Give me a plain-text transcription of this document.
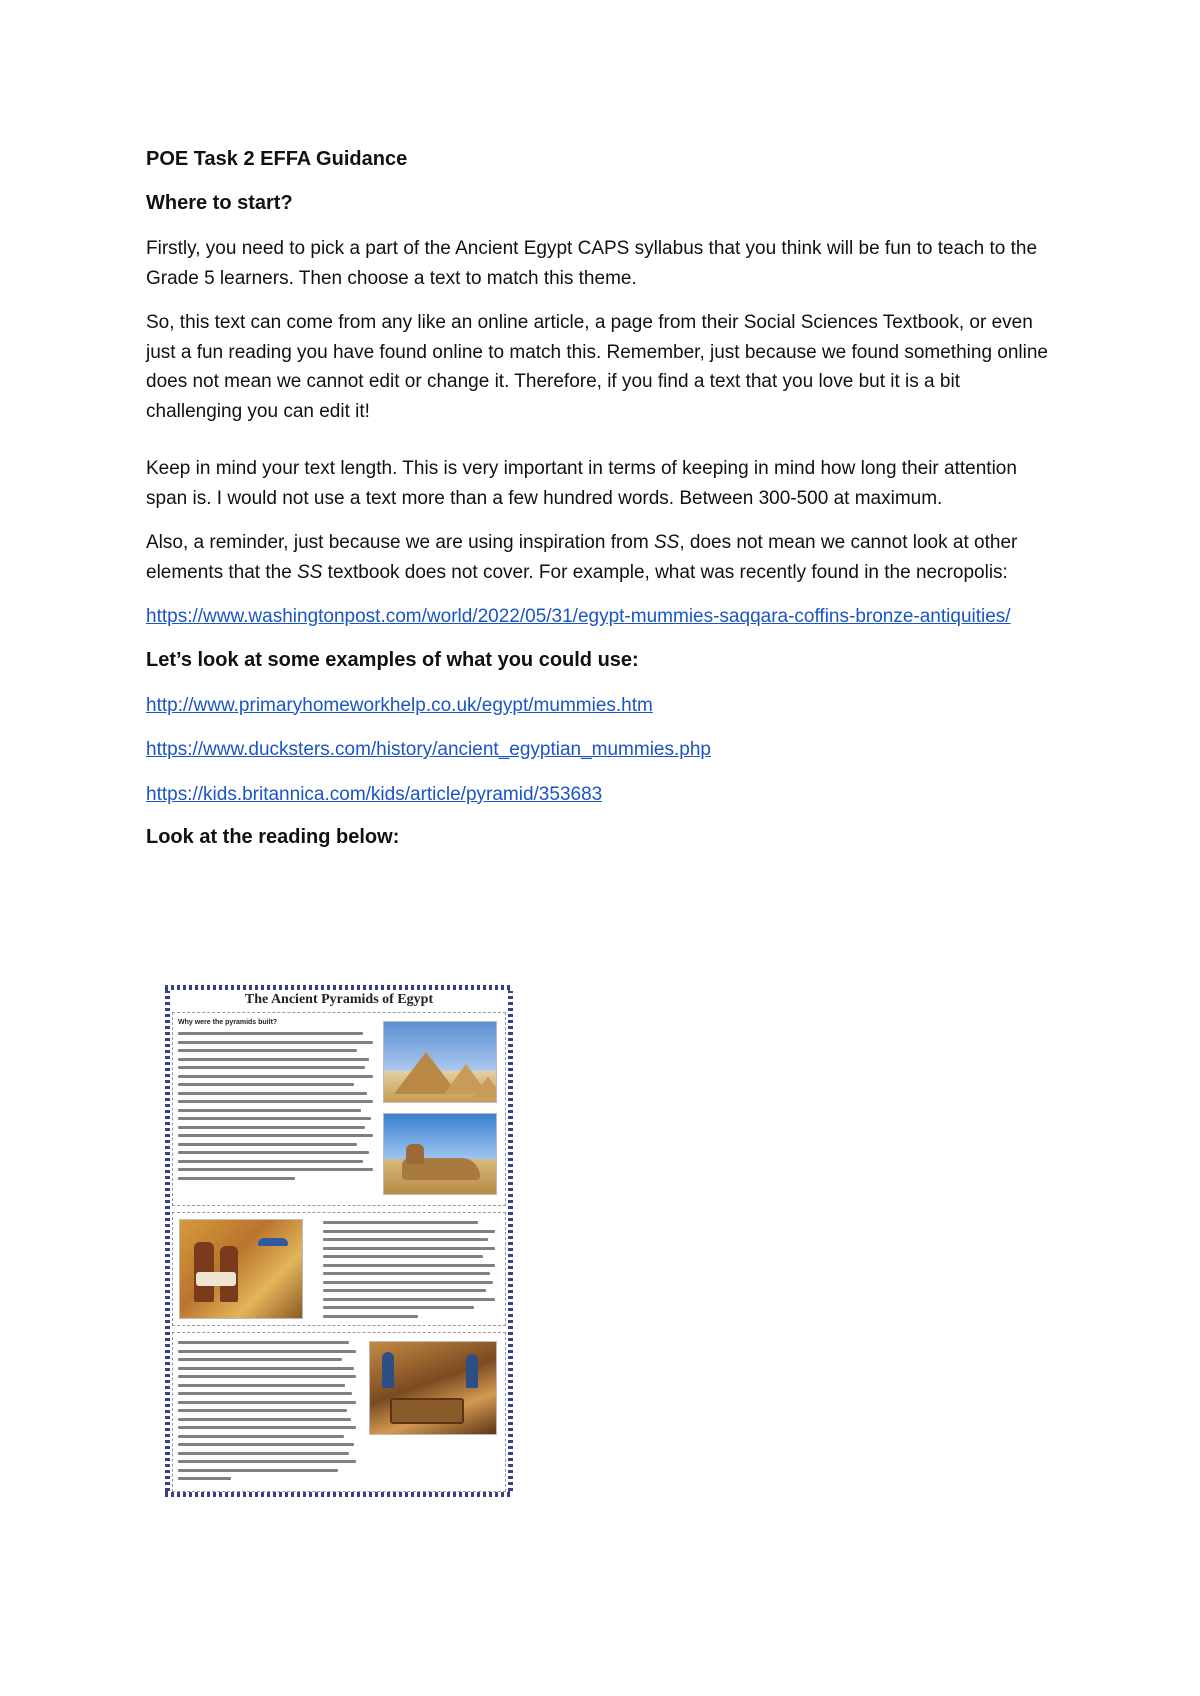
POE Task 2 EFFA Guidance
Where to start?

Firstly, you need to pick a part of the Ancient Egypt CAPS syllabus that you think will be fun to teach to the Grade 5 learners. Then choose a text to match this theme.

So, this text can come from any like an online article, a page from their Social Sciences Textbook, or even just a fun reading you have found online to match this. Remember, just because we found something online does not mean we cannot edit or change it. Therefore, if you find a text that you love but it is a bit challenging you can edit it!

Keep in mind your text length. This is very important in terms of keeping in mind how long their attention span is. I would not use a text more than a few hundred words. Between 300-500 at maximum.

Also, a reminder, just because we are using inspiration from SS, does not mean we cannot look at other elements that the SS textbook does not cover. For example, what was recently found in the necropolis:

https://www.washingtonpost.com/world/2022/05/31/egypt-mummies-saqqara-coffins-bronze-antiquities/

Let’s look at some examples of what you could use:

http://www.primaryhomeworkhelp.co.uk/egypt/mummies.htm

https://www.ducksters.com/history/ancient_egyptian_mummies.php

https://kids.britannica.com/kids/article/pyramid/353683

Look at the reading below:
The Ancient Pyramids of Egypt
Why were the pyramids built?
